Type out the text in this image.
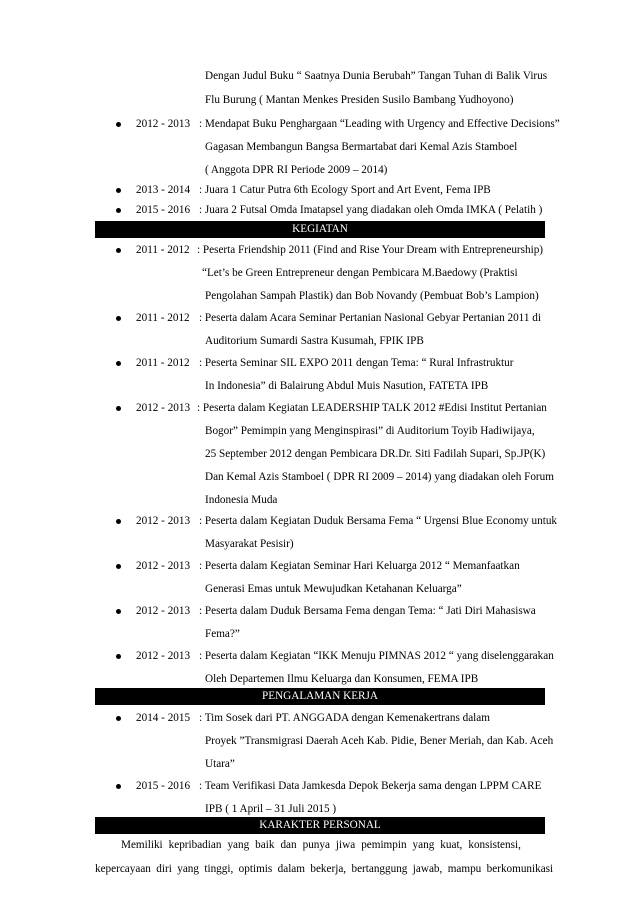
Dengan Judul Buku “ Saatnya Dunia Berubah” Tangan Tuhan di Balik Virus
Flu Burung ( Mantan Menkes Presiden Susilo Bambang Yudhoyono)
2012 - 2013 : Mendapat Buku Penghargaan “Leading with Urgency and Effective Decisions”
Gagasan Membangun Bangsa Bermartabat dari Kemal Azis Stamboel
( Anggota DPR RI Periode 2009 – 2014)
2013 - 2014 : Juara 1 Catur Putra 6th Ecology Sport and Art Event, Fema IPB
2015 - 2016 : Juara 2 Futsal Omda Imatapsel yang diadakan oleh Omda IMKA ( Pelatih )
KEGIATAN
2011 - 2012 : Peserta Friendship 2011 (Find and Rise Your Dream with Entrepreneurship)
“Let’s be Green Entrepreneur dengan Pembicara M.Baedowy (Praktisi
Pengolahan Sampah Plastik) dan Bob Novandy (Pembuat Bob’s Lampion)
2011 - 2012 : Peserta dalam Acara Seminar Pertanian Nasional Gebyar Pertanian 2011 di
Auditorium Sumardi Sastra Kusumah, FPIK IPB
2011 - 2012 : Peserta Seminar SIL EXPO 2011 dengan Tema: “ Rural Infrastruktur
In Indonesia” di Balairung Abdul Muis Nasution, FATETA IPB
2012 - 2013 : Peserta dalam Kegiatan LEADERSHIP TALK 2012 #Edisi Institut Pertanian
Bogor” Pemimpin yang Menginspirasi” di Auditorium Toyib Hadiwijaya,
25 September 2012 dengan Pembicara DR.Dr. Siti Fadilah Supari, Sp.JP(K)
Dan Kemal Azis Stamboel ( DPR RI 2009 – 2014) yang diadakan oleh Forum
Indonesia Muda
2012 - 2013 : Peserta dalam Kegiatan Duduk Bersama Fema “ Urgensi Blue Economy untuk
Masyarakat Pesisir)
2012 - 2013 : Peserta dalam Kegiatan Seminar Hari Keluarga 2012 “ Memanfaatkan
Generasi Emas untuk Mewujudkan Ketahanan Keluarga”
2012 - 2013 : Peserta dalam Duduk Bersama Fema dengan Tema: “ Jati Diri Mahasiswa
Fema?”
2012 - 2013 : Peserta dalam Kegiatan “IKK Menuju PIMNAS 2012 “ yang diselenggarakan
Oleh Departemen Ilmu Keluarga dan Konsumen, FEMA IPB
PENGALAMAN KERJA
2014 - 2015 : Tim Sosek dari PT. ANGGADA dengan Kemenakertrans dalam
Proyek ”Transmigrasi Daerah Aceh Kab. Pidie, Bener Meriah, dan Kab. Aceh
Utara”
2015 - 2016 : Team Verifikasi Data Jamkesda Depok Bekerja sama dengan LPPM CARE
IPB ( 1 April – 31 Juli 2015 )
KARAKTER PERSONAL
Memiliki kepribadian yang baik dan punya jiwa pemimpin yang kuat, konsistensi,
kepercayaan diri yang tinggi, optimis dalam bekerja, bertanggung jawab, mampu berkomunikasi
